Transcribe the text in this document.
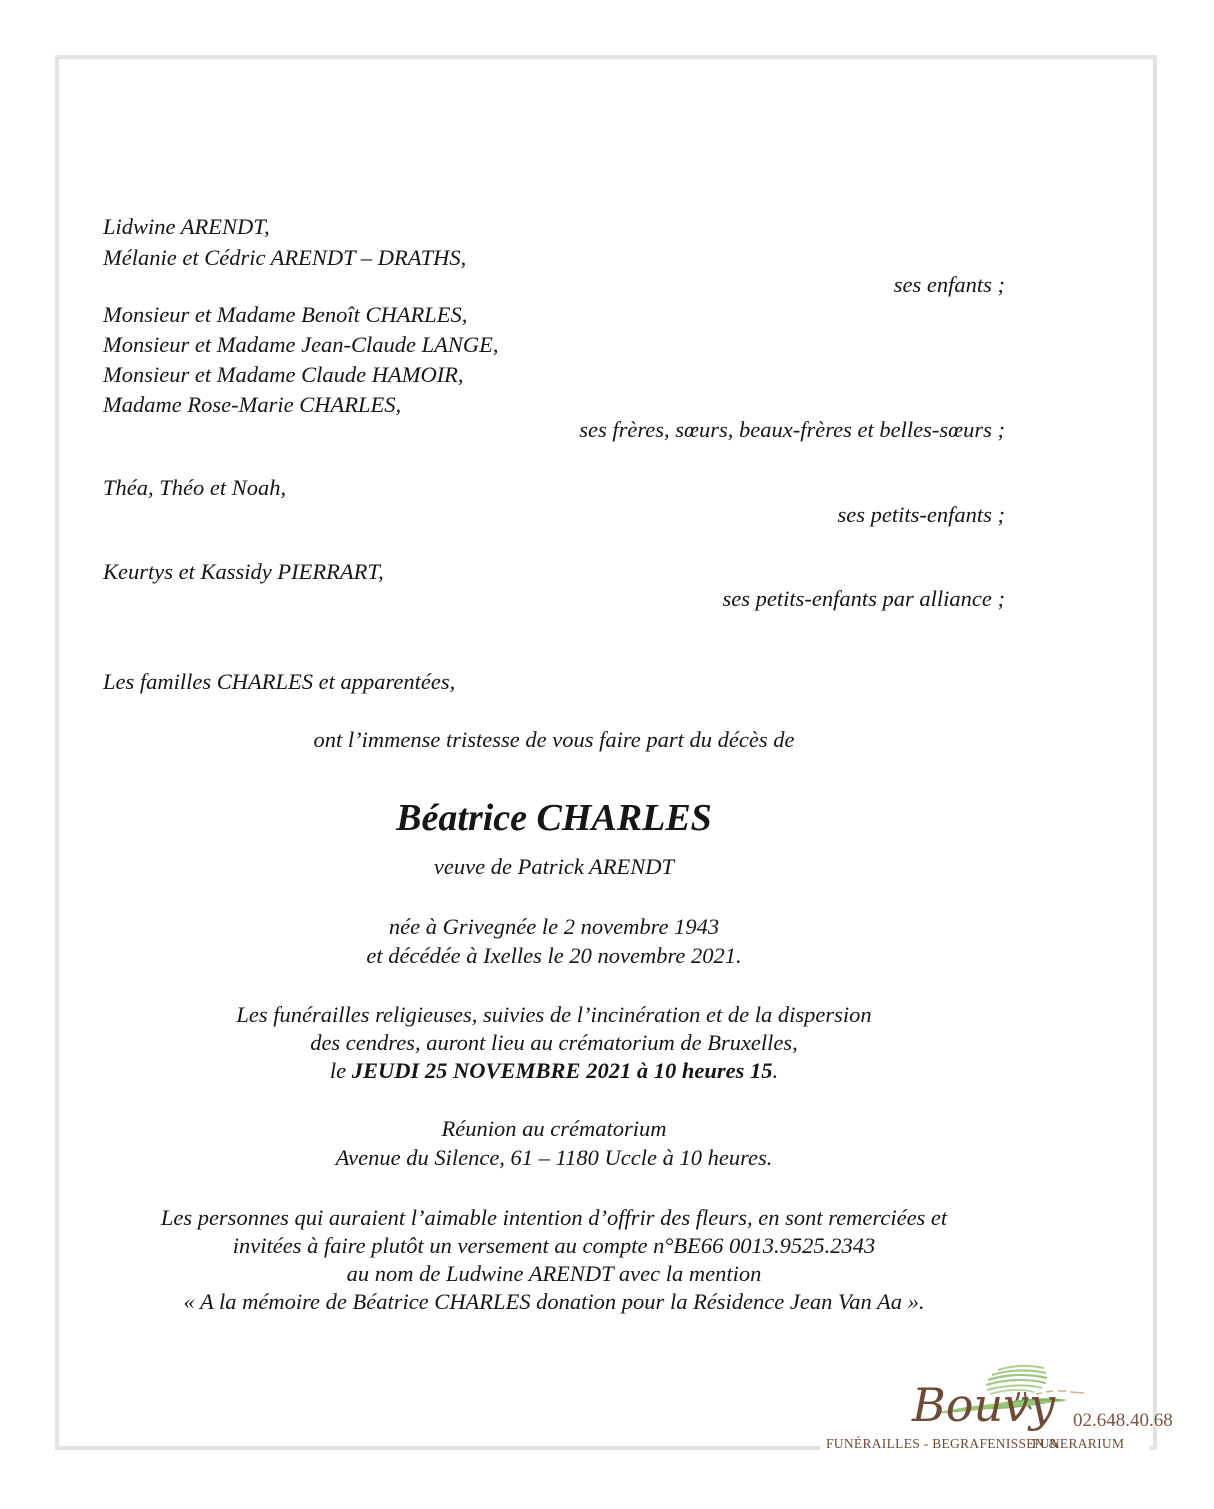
Lidwine ARENDT,
Mélanie et Cédric ARENDT – DRATHS,
ses enfants ;
Monsieur et Madame Benoît CHARLES,
Monsieur et Madame Jean-Claude LANGE,
Monsieur et Madame Claude HAMOIR,
Madame Rose-Marie CHARLES,
ses frères, sœurs, beaux-frères et belles-sœurs ;
Théa, Théo et Noah,
ses petits-enfants ;
Keurtys et Kassidy PIERRART,
ses petits-enfants par alliance ;
Les familles CHARLES et apparentées,
ont l’immense tristesse de vous faire part du décès de
Béatrice CHARLES
veuve de Patrick ARENDT
née à Grivegnée le 2 novembre 1943
et décédée à Ixelles le 20 novembre 2021.
Les funérailles religieuses, suivies de l’incinération et de la dispersion
des cendres, auront lieu au crématorium de Bruxelles,
le JEUDI 25 NOVEMBRE 2021 à 10 heures 15.
Réunion au crématorium
Avenue du Silence, 61 – 1180 Uccle à 10 heures.
Les personnes qui auraient l’aimable intention d’offrir des fleurs, en sont remerciées et
invitées à faire plutôt un versement au compte n°BE66 0013.9525.2343
au nom de Ludwine ARENDT avec la mention
« A la mémoire de Béatrice CHARLES donation pour la Résidence Jean Van Aa ».
Bouvy 02.648.40.68
FUNÉRAILLES - BEGRAFENISSEN &
FUNERARIUM
